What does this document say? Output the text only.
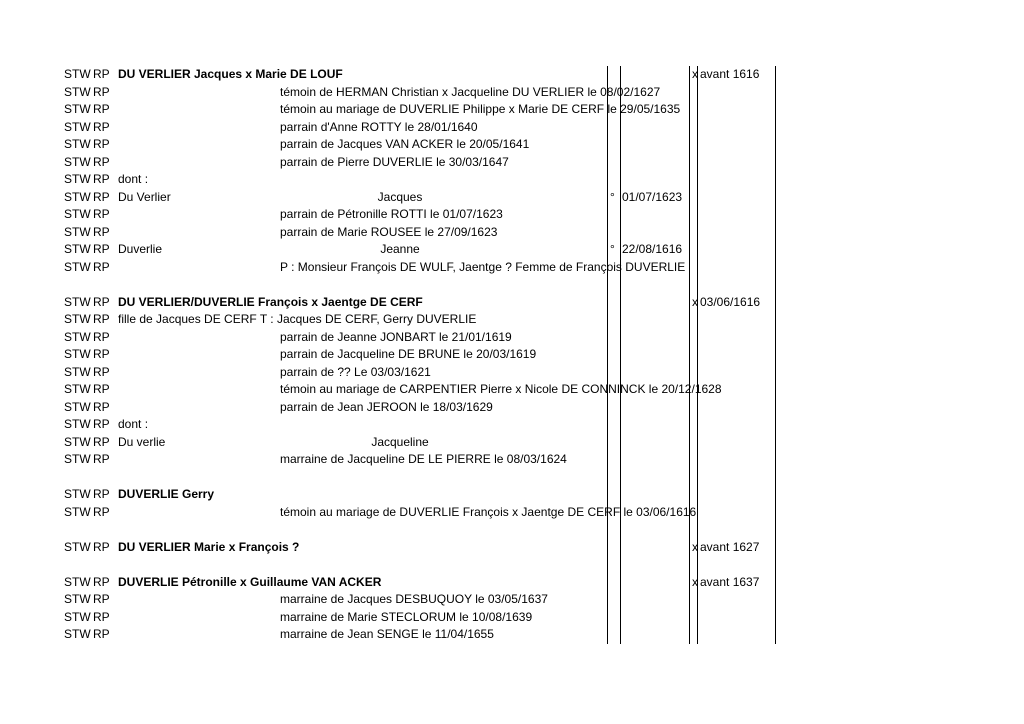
STW RP DU VERLIER Jacques x Marie DE LOUF	x avant 1616
STW RP	témoin de HERMAN Christian x Jacqueline DU VERLIER le 08/02/1627
STW RP	témoin au mariage de DUVERLIE Philippe x Marie DE CERF le 29/05/1635
STW RP	parrain d'Anne ROTTY le 28/01/1640
STW RP	parrain de Jacques VAN ACKER le 20/05/1641
STW RP	parrain de Pierre DUVERLIE le 30/03/1647
STW RP dont :
STW RP Du Verlier	Jacques	° 01/07/1623
STW RP	parrain de Pétronille ROTTI le 01/07/1623
STW RP	parrain de Marie ROUSEE le 27/09/1623
STW RP Duverlie	Jeanne	° 22/08/1616
STW RP	P : Monsieur François DE WULF, Jaentge ? Femme de François DUVERLIE
STW RP DU VERLIER/DUVERLIE François x Jaentge DE CERF	x 03/06/1616
STW RP fille de Jacques DE CERF T : Jacques DE CERF, Gerry DUVERLIE
STW RP	parrain de Jeanne JONBART le 21/01/1619
STW RP	parrain de Jacqueline DE BRUNE le 20/03/1619
STW RP	parrain de ?? Le 03/03/1621
STW RP	témoin au mariage de CARPENTIER Pierre x Nicole DE CONNINCK le 20/12/1628
STW RP	parrain de Jean JEROON le 18/03/1629
STW RP dont :
STW RP Du verlie	Jacqueline
STW RP	marraine de Jacqueline DE LE PIERRE le 08/03/1624
STW RP DUVERLIE Gerry
STW RP	témoin au mariage de DUVERLIE François x Jaentge DE CERF le 03/06/1616
STW RP DU VERLIER Marie x François ?	x avant 1627
STW RP DUVERLIE Pétronille x Guillaume VAN ACKER	x avant 1637
STW RP	marraine de Jacques DESBUQUOY le 03/05/1637
STW RP	marraine de Marie STECLORUM le 10/08/1639
STW RP	marraine de Jean SENGE le 11/04/1655
